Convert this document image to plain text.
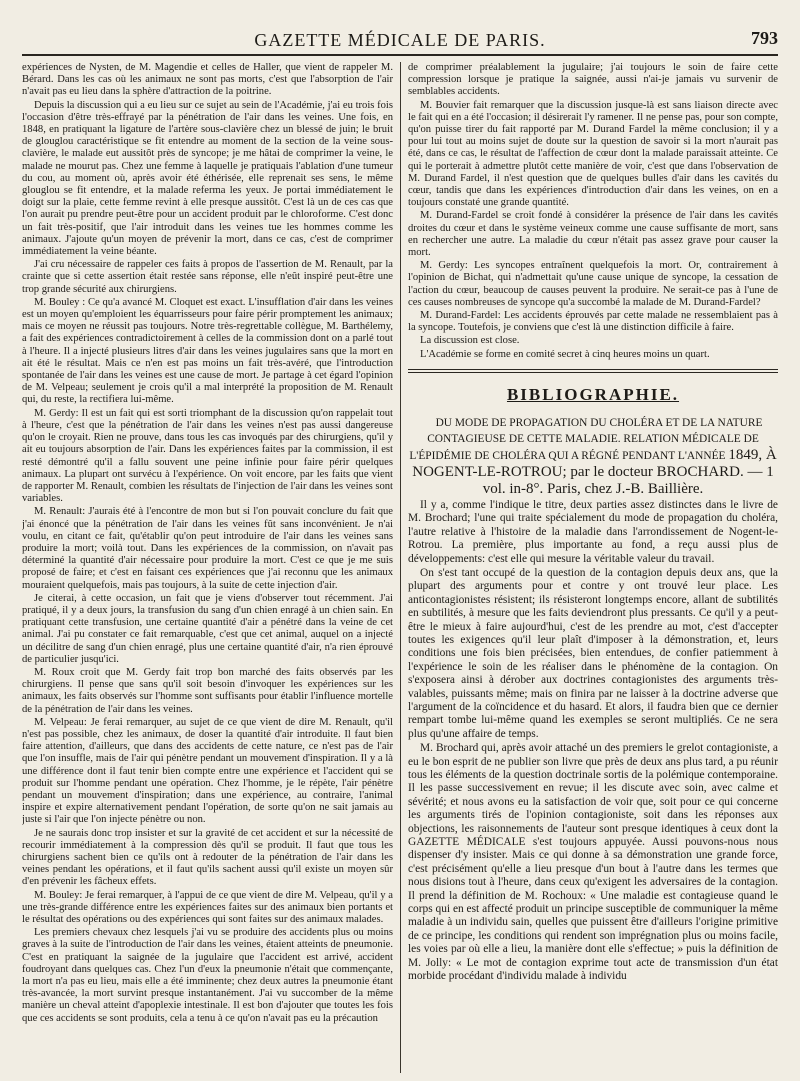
GAZETTE MÉDICALE DE PARIS.	793

expériences de Nysten, de M. Magendie et celles de Haller, que vient de rappeler M. Bérard. Dans les cas où les animaux ne sont pas morts, c'est que l'absorption de l'air n'avait pas eu lieu dans la sphère d'attraction de la poitrine.

Depuis la discussion qui a eu lieu sur ce sujet au sein de l'Académie, j'ai eu trois fois l'occasion d'être très-effrayé par la pénétration de l'air dans les veines. Une fois, en 1848, en pratiquant la ligature de l'artère sous-clavière chez un blessé de juin; le bruit de glouglou caractéristique se fit entendre au moment de la section de la veine sous-clavière, le malade eut aussitôt près de syncope; je me hâtai de comprimer la veine, le malade ne mourut pas. Chez une femme à laquelle je pratiquais l'ablation d'une tumeur du cou, au moment où, après avoir été éthérisée, elle reprenait ses sens, le même glouglou se fit entendre, et la malade referma les yeux. Je portai immédiatement le doigt sur la plaie, cette femme revint à elle presque aussitôt. C'est là un de ces cas que l'on aurait pu prendre peut-être pour un accident produit par le chloroforme. C'est donc un fait très-positif, que l'air introduit dans les veines tue les hommes comme les animaux. J'ajoute qu'un moyen de prévenir la mort, dans ce cas, c'est de comprimer immédiatement la veine béante.

J'ai cru nécessaire de rappeler ces faits à propos de l'assertion de M. Renault, par la crainte que si cette assertion était restée sans réponse, elle n'eût inspiré peut-être une trop grande sécurité aux chirurgiens.

M. Bouley : Ce qu'a avancé M. Cloquet est exact. L'insufflation d'air dans les veines est un moyen qu'emploient les équarrisseurs pour faire périr promptement les animaux; mais ce moyen ne réussit pas toujours. Notre très-regrettable collègue, M. Barthélemy, a fait des expériences contradictoirement à celles de la commission dont on a parlé tout à l'heure. Il a injecté plusieurs litres d'air dans les veines jugulaires sans que la mort en ait été le résultat. Mais ce n'en est pas moins un fait très-avéré, que l'introduction spontanée de l'air dans les veines est une cause de mort. Je partage à cet égard l'opinion de M. Velpeau; seulement je crois qu'il a mal interprété la proposition de M. Renault qui, du reste, la rectifiera lui-même.

M. Gerdy: Il est un fait qui est sorti triomphant de la discussion qu'on rappelait tout à l'heure, c'est que la pénétration de l'air dans les veines n'est pas aussi dangereuse qu'on le croyait. Rien ne prouve, dans tous les cas invoqués par des chirurgiens, qu'il y ait eu toujours absorption de l'air. Dans les expériences faites par la commission, il est resté démontré qu'il a fallu souvent une peine infinie pour faire périr quelques animaux. La plupart ont survécu à l'expérience. On voit encore, par les faits que vient de rapporter M. Renault, combien les résultats de l'injection de l'air dans les veines sont variables.

M. Renault: J'aurais été à l'encontre de mon but si l'on pouvait conclure du fait que j'ai énoncé que la pénétration de l'air dans les veines fût sans inconvénient. Je n'ai voulu, en citant ce fait, qu'établir qu'on peut introduire de l'air dans les veines sans produire la mort; voilà tout. Dans les expériences de la commission, on n'avait pas déterminé la quantité d'air nécessaire pour produire la mort. C'est ce que je me suis proposé de faire; et c'est en faisant ces expériences que j'ai reconnu que les animaux mouraient quelquefois, mais pas toujours, à la suite de cette injection d'air.

Je citerai, à cette occasion, un fait que je viens d'observer tout récemment. J'ai pratiqué, il y a deux jours, la transfusion du sang d'un chien enragé à un chien sain. En pratiquant cette transfusion, une certaine quantité d'air a pénétré dans la veine de cet animal. J'ai pu constater ce fait remarquable, c'est que cet animal, auquel on a injecté un décilitre de sang d'un chien enragé, plus une certaine quantité d'air, n'a rien éprouvé de particulier jusqu'ici.

M. Roux croit que M. Gerdy fait trop bon marché des faits observés par les chirurgiens. Il pense que sans qu'il soit besoin d'invoquer les expériences sur les animaux, les faits observés sur l'homme sont suffisants pour établir l'influence mortelle de la pénétration de l'air dans les veines.

M. Velpeau: Je ferai remarquer, au sujet de ce que vient de dire M. Renault, qu'il n'est pas possible, chez les animaux, de doser la quantité d'air introduite. Il faut bien faire attention, d'ailleurs, que dans des accidents de cette nature, ce n'est pas de l'air que l'on insuffle, mais de l'air qui pénètre pendant un mouvement d'inspiration. Il y a là une différence dont il faut tenir bien compte entre une expérience et l'accident qui se produit sur l'homme pendant une opération. Chez l'homme, je le répète, l'air pénètre pendant un mouvement d'inspiration; dans une expérience, au contraire, l'animal inspire et expire alternativement pendant l'opération, de sorte qu'on ne sait jamais au juste si l'air que l'on injecte pénètre ou non.

Je ne saurais donc trop insister et sur la gravité de cet accident et sur la nécessité de recourir immédiatement à la compression dès qu'il se produit. Il faut que tous les chirurgiens sachent bien ce qu'ils ont à redouter de la pénétration de l'air dans les veines pendant les opérations, et il faut qu'ils sachent aussi qu'il existe un moyen sûr d'en prévenir les fâcheux effets.

M. Bouley: Je ferai remarquer, à l'appui de ce que vient de dire M. Velpeau, qu'il y a une très-grande différence entre les expériences faites sur des animaux bien portants et le résultat des opérations ou des expériences qui sont faites sur des animaux malades.

Les premiers chevaux chez lesquels j'ai vu se produire des accidents plus ou moins graves à la suite de l'introduction de l'air dans les veines, étaient atteints de pneumonie. C'est en pratiquant la saignée de la jugulaire que l'accident est arrivé, accident foudroyant dans quelques cas. Chez l'un d'eux la pneumonie n'était que commençante, la mort n'a pas eu lieu, mais elle a été imminente; chez deux autres la pneumonie étant très-avancée, la mort survint presque instantanément. J'ai vu succomber de la même manière un cheval atteint d'apoplexie intestinale. Il est bon d'ajouter que toutes les fois que ces accidents se sont produits, cela a tenu à ce qu'on n'avait pas eu la précaution

de comprimer préalablement la jugulaire; j'ai toujours le soin de faire cette compression lorsque je pratique la saignée, aussi n'ai-je jamais vu survenir de semblables accidents.

M. Bouvier fait remarquer que la discussion jusque-là est sans liaison directe avec le fait qui en a été l'occasion; il désirerait l'y ramener. Il ne pense pas, pour son compte, qu'on puisse tirer du fait rapporté par M. Durand Fardel la même conclusion; il y a pour lui tout au moins sujet de doute sur la question de savoir si la mort n'aurait pas été, dans ce cas, le résultat de l'affection de cœur dont la malade paraissait atteinte. Ce qui le porterait à admettre plutôt cette manière de voir, c'est que dans l'observation de M. Durand Fardel, il n'est question que de quelques bulles d'air dans les cavités du cœur, tandis que dans les expériences d'introduction d'air dans les veines, on en a toujours constaté une grande quantité.

M. Durand-Fardel se croit fondé à considérer la présence de l'air dans les cavités droites du cœur et dans le système veineux comme une cause suffisante de mort, sans en rechercher une autre. La maladie du cœur n'était pas assez grave pour causer la mort.

M. Gerdy: Les syncopes entraînent quelquefois la mort. Or, contrairement à l'opinion de Bichat, qui n'admettait qu'une cause unique de syncope, la cessation de l'action du cœur, beaucoup de causes peuvent la produire. Ne serait-ce pas à l'une de ces causes nombreuses de syncope qu'a succombé la malade de M. Durand-Fardel?

M. Durand-Fardel: Les accidents éprouvés par cette malade ne ressemblaient pas à la syncope. Toutefois, je conviens que c'est là une distinction difficile à faire.

La discussion est close.

L'Académie se forme en comité secret à cinq heures moins un quart.

BIBLIOGRAPHIE.

DU MODE DE PROPAGATION DU CHOLÉRA ET DE LA NATURE CONTAGIEUSE DE CETTE MALADIE. RELATION MÉDICALE DE L'ÉPIDÉMIE DE CHOLÉRA QUI A RÉGNÉ PENDANT L'ANNÉE 1849, À NOGENT-LE-ROTROU; par le docteur BROCHARD. — 1 vol. in-8°. Paris, chez J.-B. Baillière.

Il y a, comme l'indique le titre, deux parties assez distinctes dans le livre de M. Brochard; l'une qui traite spécialement du mode de propagation du choléra, l'autre relative à l'histoire de la maladie dans l'arrondissement de Nogent-le-Rotrou. La première, plus importante au fond, a reçu aussi plus de développements: c'est elle qui mesure la véritable valeur du travail.

On s'est tant occupé de la question de la contagion depuis deux ans, que la plupart des arguments pour et contre y ont trouvé leur place. Les anticontagionistes résistent; ils résisteront longtemps encore, allant de subtilités en subtilités, à mesure que les faits deviendront plus pressants. Ce qu'il y a peut-être le mieux à faire aujourd'hui, c'est de les prendre au mot, c'est d'accepter toutes les exigences qu'il leur plaît d'imposer à la démonstration, et, leurs conditions une fois bien précisées, bien entendues, de confier patiemment à l'expérience le soin de les réaliser dans le phénomène de la contagion. On s'exposera ainsi à dérober aux doctrines contagionistes des arguments très-valables, puissants même; mais on finira par ne laisser à la doctrine adverse que l'argument de la coïncidence et du hasard. Et alors, il faudra bien que ce dernier rempart tombe lui-même quand les exemples se seront multipliés. Ce ne sera plus qu'une affaire de temps.

M. Brochard qui, après avoir attaché un des premiers le grelot contagioniste, a eu le bon esprit de ne publier son livre que près de deux ans plus tard, a pu réunir tous les éléments de la question doctrinale sortis de la polémique contemporaine. Il les passe successivement en revue; il les discute avec soin, avec calme et sévérité; et nous avons eu la satisfaction de voir que, soit pour ce qui concerne les arguments tirés de l'opinion contagioniste, soit dans les réponses aux objections, les raisonnements de l'auteur sont presque identiques à ceux dont la GAZETTE MÉDICALE s'est toujours appuyée. Aussi pouvons-nous nous dispenser d'y insister. Mais ce qui donne à sa démonstration une grande force, c'est précisément qu'elle a lieu presque d'un bout à l'autre dans les termes que nous disions tout à l'heure, dans ceux qu'exigent les adversaires de la contagion. Il prend la définition de M. Rochoux: « Une maladie est contagieuse quand le corps qui en est affecté produit un principe susceptible de communiquer la même maladie à un individu sain, quelles que puissent être d'ailleurs l'origine primitive de ce principe, les conditions qui rendent son imprégnation plus ou moins facile, les voies par où elle a lieu, la manière dont elle s'effectue; » puis la définition de M. Jolly: « Le mot de contagion exprime tout acte de transmission d'un état morbide procédant d'individu malade à individu
